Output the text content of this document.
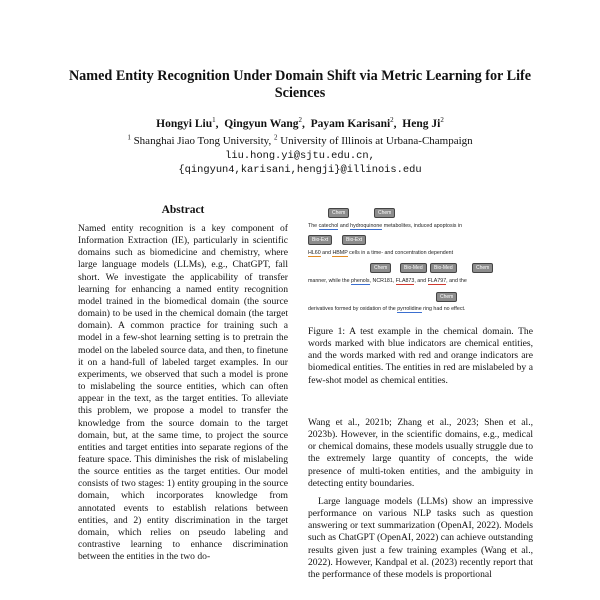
Named Entity Recognition Under Domain Shift via Metric Learning for Life Sciences
Hongyi Liu$^1$,  Qingyun Wang$^2$,  Payam Karisani$^2$,  Heng Ji$^2$
$^1$ Shanghai Jiao Tong University, $^2$ University of Illinois at Urbana-Champaign
liu.hong.yi@sjtu.edu.cn,
{qingyun4,karisani,hengji}@illinois.edu
Abstract
Named entity recognition is a key component of Information Extraction (IE), particularly in scientific domains such as biomedicine and chemistry, where large language models (LLMs), e.g., ChatGPT, fall short. We investigate the applicability of transfer learning for enhancing a named entity recognition model trained in the biomedical domain (the source domain) to be used in the chemical domain (the target domain). A common practice for training such a model in a few-shot learning setting is to pretrain the model on the labeled source data, and then, to finetune it on a hand-full of labeled target examples. In our experiments, we observed that such a model is prone to mislabeling the source entities, which can often appear in the text, as the target entities. To alleviate this problem, we propose a model to transfer the knowledge from the source domain to the target domain, but, at the same time, to project the source entities and target entities into separate regions of the feature space. This diminishes the risk of mislabeling the source entities as the target entities. Our model consists of two stages: 1) entity grouping in the source domain, which incorporates knowledge from annotated events to establish relations between entities, and 2) entity discrimination in the target domain, which relies on pseudo labeling and contrastive learning to enhance discrimination between the entities in the two do-
Chem	Chem
The catechol and hydroquinone metabolites, induced apoptosis in
Bio-Ext	Bio-Ext
HL60 and HBMP cells in a time- and concentration dependent
Chem	Bio-Med	Bio-Med	Chem
manner, while the phenols, NCR181, FLA873, and FLA797, and the
Chem
derivatives formed by oxidation of the pyrrolidine ring had no effect.
Figure 1: A test example in the chemical domain. The words marked with blue indicators are chemical entities, and the words marked with red and orange indicators are biomedical entities. The entities in red are mislabeled by a few-shot model as chemical entities.
Wang et al., 2021b; Zhang et al., 2023; Shen et al., 2023b). However, in the scientific domains, e.g., medical or chemical domains, these models usually struggle due to the extremely large quantity of concepts, the wide presence of multi-token entities, and the ambiguity in detecting entity boundaries.
Large language models (LLMs) show an impressive performance on various NLP tasks such as question answering or text summarization (OpenAI, 2022). Models such as ChatGPT (OpenAI, 2022) can achieve outstanding results given just a few training examples (Wang et al., 2022). However, Kandpal et al. (2023) recently report that the performance of these models is proportional
